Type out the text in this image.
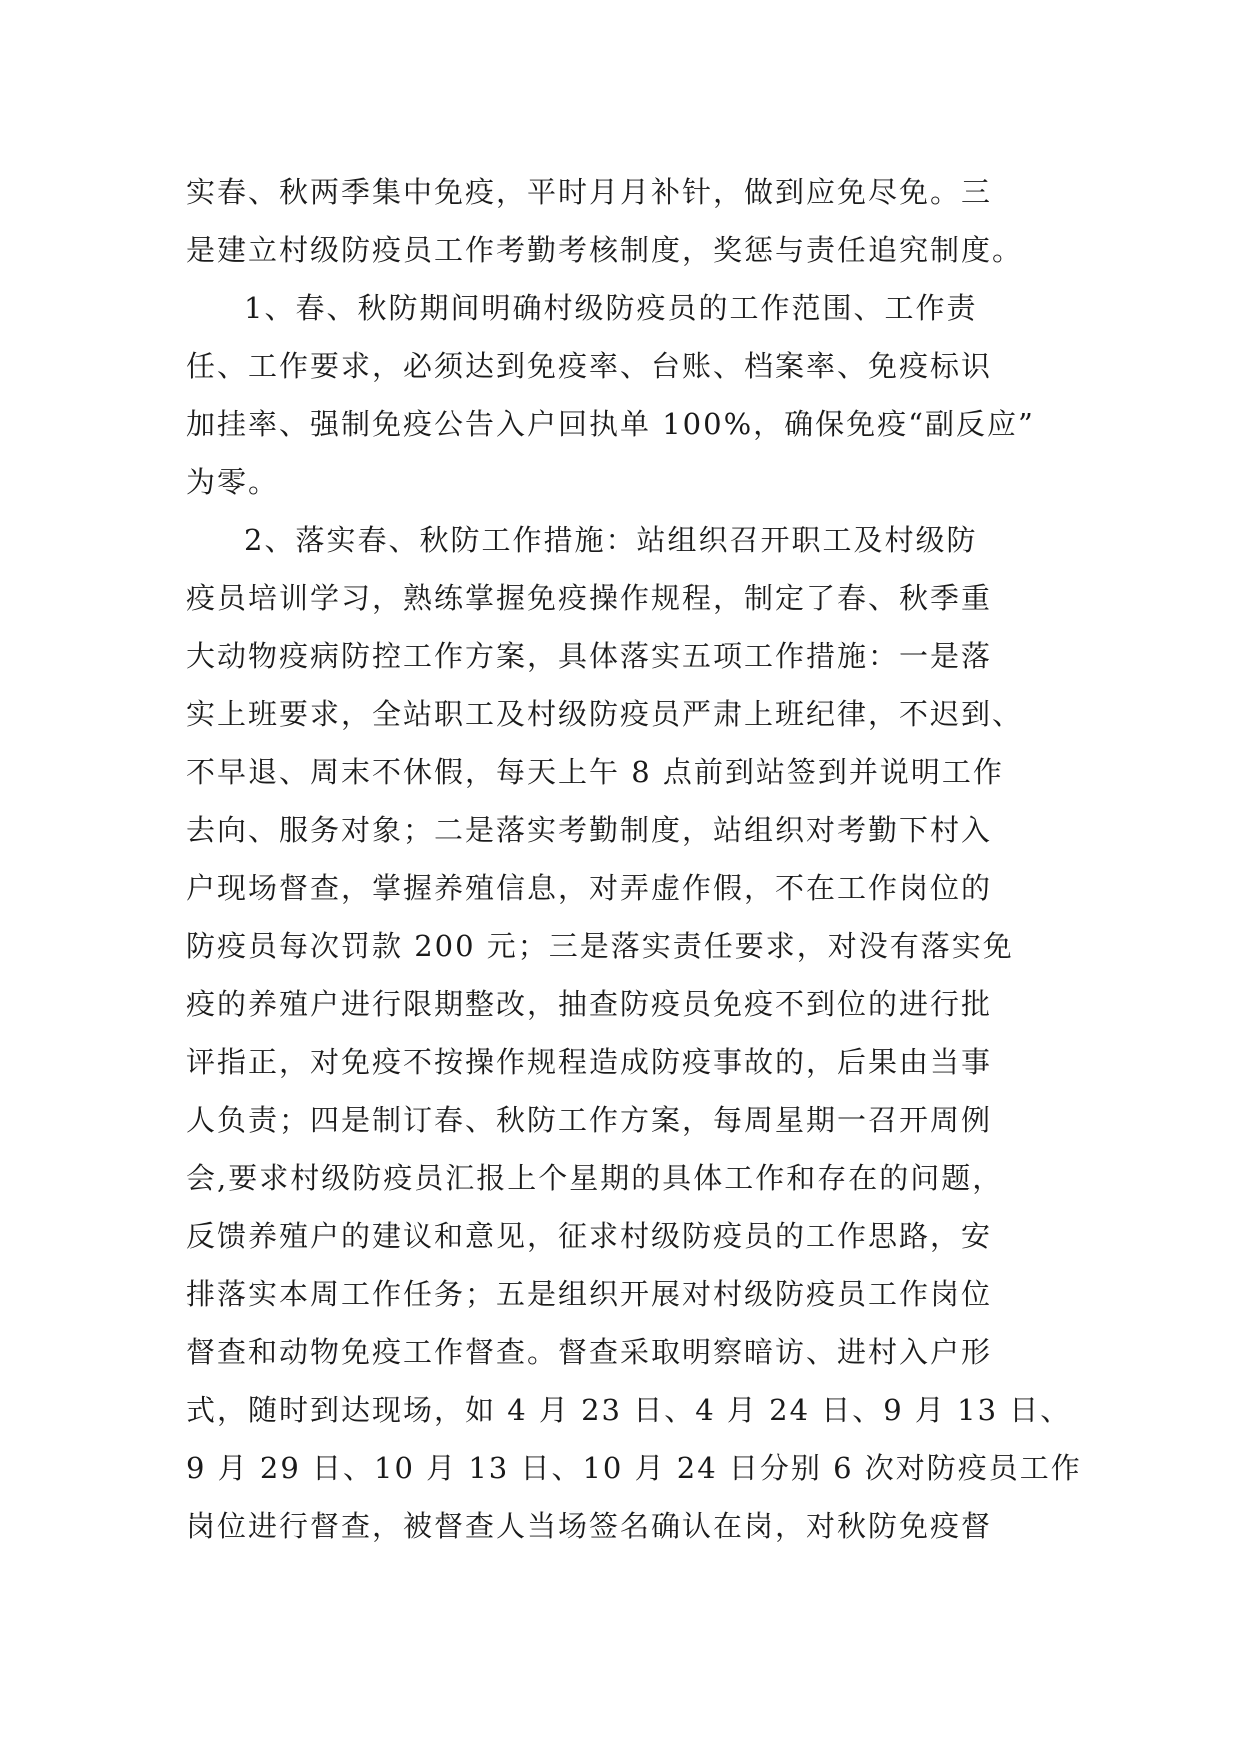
实春、秋两季集中免疫，平时月月补针，做到应免尽免。三
是建立村级防疫员工作考勤考核制度，奖惩与责任追究制度。
1、春、秋防期间明确村级防疫员的工作范围、工作责
任、工作要求，必须达到免疫率、台账、档案率、免疫标识
加挂率、强制免疫公告入户回执单 100%，确保免疫“副反应”
为零。
2、落实春、秋防工作措施：站组织召开职工及村级防
疫员培训学习，熟练掌握免疫操作规程，制定了春、秋季重
大动物疫病防控工作方案，具体落实五项工作措施：一是落
实上班要求，全站职工及村级防疫员严肃上班纪律，不迟到、
不早退、周末不休假，每天上午 8 点前到站签到并说明工作
去向、服务对象；二是落实考勤制度，站组织对考勤下村入
户现场督查，掌握养殖信息，对弄虚作假，不在工作岗位的
防疫员每次罚款 200 元；三是落实责任要求，对没有落实免
疫的养殖户进行限期整改，抽查防疫员免疫不到位的进行批
评指正，对免疫不按操作规程造成防疫事故的，后果由当事
人负责；四是制订春、秋防工作方案，每周星期一召开周例
会,要求村级防疫员汇报上个星期的具体工作和存在的问题，
反馈养殖户的建议和意见，征求村级防疫员的工作思路，安
排落实本周工作任务；五是组织开展对村级防疫员工作岗位
督查和动物免疫工作督查。督查采取明察暗访、进村入户形
式，随时到达现场，如 4 月 23 日、4 月 24 日、9 月 13 日、
9 月 29 日、10 月 13 日、10 月 24 日分别 6 次对防疫员工作
岗位进行督查，被督查人当场签名确认在岗，对秋防免疫督
